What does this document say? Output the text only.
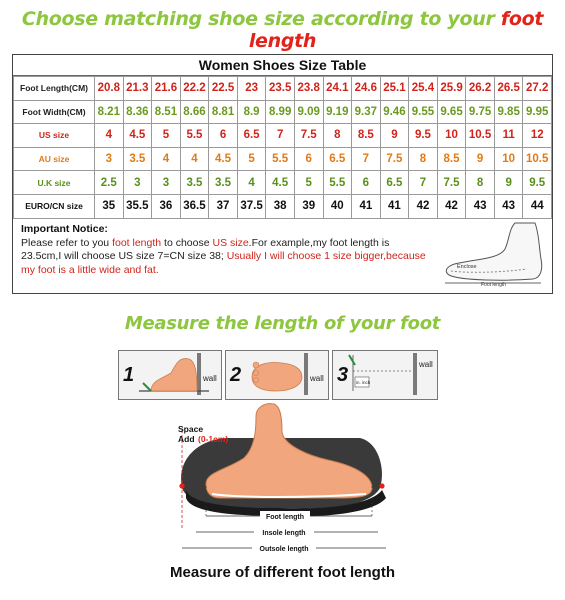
Choose matching shoe size according to your foot length
Women Shoes Size Table
Foot Length(CM)	20.8	21.3	21.6	22.2	22.5	23	23.5	23.8	24.1	24.6	25.1	25.4	25.9	26.2	26.5	27.2
Foot Width(CM)	8.21	8.36	8.51	8.66	8.81	8.9	8.99	9.09	9.19	9.37	9.46	9.55	9.65	9.75	9.85	9.95
US size	4	4.5	5	5.5	6	6.5	7	7.5	8	8.5	9	9.5	10	10.5	11	12
AU size	3	3.5	4	4	4.5	5	5.5	6	6.5	7	7.5	8	8.5	9	10	10.5
U.K size	2.5	3	3	3.5	3.5	4	4.5	5	5.5	6	6.5	7	7.5	8	9	9.5
EURO/CN size	35	35.5	36	36.5	37	37.5	38	39	40	41	41	42	42	43	43	44
Important Notice:
Please refer to you foot length to choose US size.For example,my foot length is 23.5cm,I will choose US size 7=CN size 38; Usually I will choose 1 size bigger,because my foot is a little wide and fat.	Enclose
Foot length
Measure the length of your foot
1	wall 2	wall 3 in. inch
wall
Space
Add (0-1cm)
Foot length
Insole length
Outsole length
Measure of different foot length
